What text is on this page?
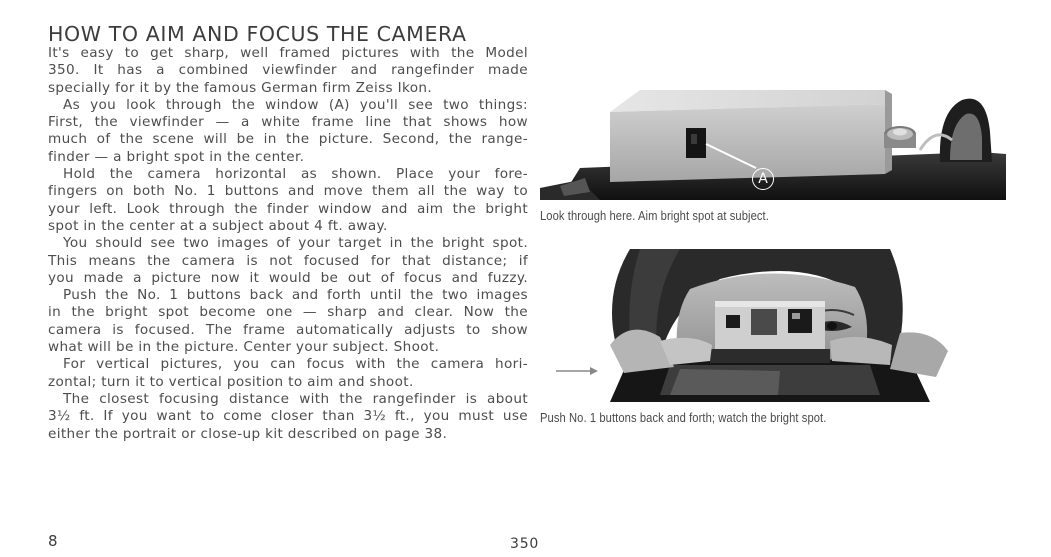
HOW TO AIM AND FOCUS THE CAMERA

It's easy to get sharp, well framed pictures with the Model

350. It has a combined viewfinder and rangefinder made

specially for it by the famous German firm Zeiss Ikon.

As you look through the window (A) you'll see two things:

First, the viewfinder — a white frame line that shows how

much of the scene will be in the picture. Second, the range-

finder — a bright spot in the center.

Hold the camera horizontal as shown. Place your fore-

fingers on both No. 1 buttons and move them all the way to

your left. Look through the finder window and aim the bright

spot in the center at a subject about 4 ft. away.

You should see two images of your target in the bright spot.

This means the camera is not focused for that distance; if

you made a picture now it would be out of focus and fuzzy.

Push the No. 1 buttons back and forth until the two images

in the bright spot become one — sharp and clear. Now the

camera is focused. The frame automatically adjusts to show

what will be in the picture. Center your subject. Shoot.

For vertical pictures, you can focus with the camera hori-

zontal; turn it to vertical position to aim and shoot.

The closest focusing distance with the rangefinder is about

3½ ft. If you want to come closer than 3½ ft., you must use

either the portrait or close-up kit described on page 38.

A

Look through here. Aim bright spot at subject.

Push No. 1 buttons back and forth; watch the bright spot.

8	350
